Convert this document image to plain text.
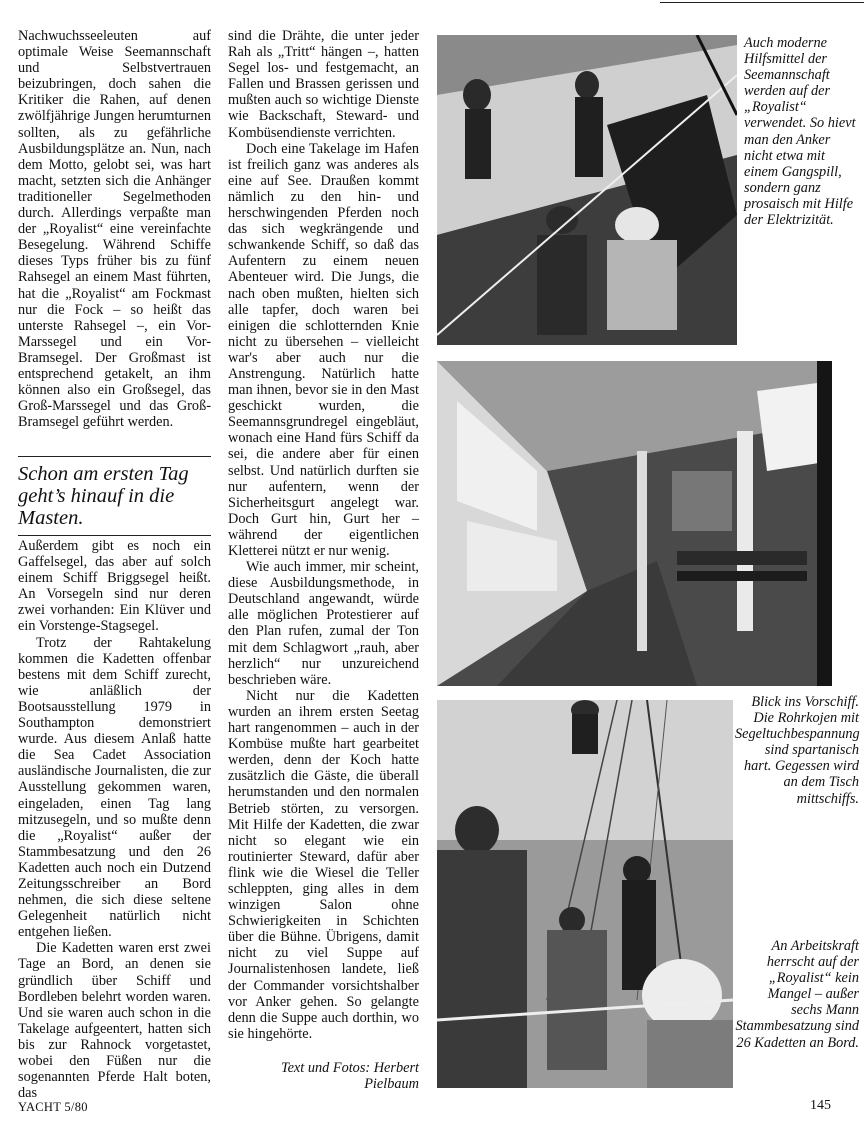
Nachwuchsseeleuten auf optimale Weise Seemannschaft und Selbstvertrauen beizubringen, doch sahen die Kritiker die Rahen, auf denen zwölfjährige Jungen herumturnen sollten, als zu gefährliche Ausbildungsplätze an. Nun, nach dem Motto, gelobt sei, was hart macht, setzten sich die Anhänger traditioneller Segelmethoden durch. Allerdings verpaßte man der „Royalist“ eine vereinfachte Besegelung. Während Schiffe dieses Typs früher bis zu fünf Rahsegel an einem Mast führten, hat die „Royalist“ am Fockmast nur die Fock – so heißt das unterste Rahsegel –, ein Vor-Marssegel und ein Vor-Bramsegel. Der Großmast ist entsprechend getakelt, an ihm können also ein Großsegel, das Groß-Marssegel und das Groß-Bramsegel geführt werden.

Schon am ersten Tag geht’s hinauf in die Masten.

Außerdem gibt es noch ein Gaffelsegel, das aber auf solch einem Schiff Briggsegel heißt. An Vorsegeln sind nur deren zwei vorhanden: Ein Klüver und ein Vorstenge-Stagsegel.

Trotz der Rahtakelung kommen die Kadetten offenbar bestens mit dem Schiff zurecht, wie anläßlich der Bootsausstellung 1979 in Southampton demonstriert wurde. Aus diesem Anlaß hatte die Sea Cadet Association ausländische Journalisten, die zur Ausstellung gekommen waren, eingeladen, einen Tag lang mitzusegeln, und so mußte denn die „Royalist“ außer der Stammbesatzung und den 26 Kadetten auch noch ein Dutzend Zeitungsschreiber an Bord nehmen, die sich diese seltene Gelegenheit natürlich nicht entgehen ließen.

Die Kadetten waren erst zwei Tage an Bord, an denen sie gründlich über Schiff und Bordleben belehrt worden waren. Und sie waren auch schon in die Takelage aufgeentert, hatten sich bis zur Rahnock vorgetastet, wobei den Füßen nur die sogenannten Pferde Halt boten, das

sind die Drähte, die unter jeder Rah als „Tritt“ hängen –, hatten Segel los- und festgemacht, an Fallen und Brassen gerissen und mußten auch so wichtige Dienste wie Backschaft, Steward- und Kombüsendienste verrichten.

Doch eine Takelage im Hafen ist freilich ganz was anderes als eine auf See. Draußen kommt nämlich zu den hin- und herschwingenden Pferden noch das sich wegkrängende und schwankende Schiff, so daß das Aufentern zu einem neuen Abenteuer wird. Die Jungs, die nach oben mußten, hielten sich alle tapfer, doch waren bei einigen die schlotternden Knie nicht zu übersehen – vielleicht war's aber auch nur die Anstrengung. Natürlich hatte man ihnen, bevor sie in den Mast geschickt wurden, die Seemannsgrundregel eingebläut, wonach eine Hand fürs Schiff da sei, die andere aber für einen selbst. Und natürlich durften sie nur aufentern, wenn der Sicherheitsgurt angelegt war. Doch Gurt hin, Gurt her – während der eigentlichen Kletterei nützt er nur wenig.

Wie auch immer, mir scheint, diese Ausbildungsmethode, in Deutschland angewandt, würde alle möglichen Protestierer auf den Plan rufen, zumal der Ton mit dem Schlagwort „rauh, aber herzlich“ nur unzureichend beschrieben wäre.

Nicht nur die Kadetten wurden an ihrem ersten Seetag hart rangenommen – auch in der Kombüse mußte hart gearbeitet werden, denn der Koch hatte zusätzlich die Gäste, die überall herumstanden und den normalen Betrieb störten, zu versorgen. Mit Hilfe der Kadetten, die zwar nicht so elegant wie ein routinierter Steward, dafür aber flink wie die Wiesel die Teller schleppten, ging alles in dem winzigen Salon ohne Schwierigkeiten in Schichten über die Bühne. Übrigens, damit nicht zu viel Suppe auf Journalistenhosen landete, ließ der Commander vorsichtshalber vor Anker gehen. So gelangte denn die Suppe auch dorthin, wo sie hingehörte.

Text und Fotos: Herbert Pielbaum
Auch moderne Hilfsmittel der Seemannschaft werden auf der „Royalist“ verwendet. So hievt man den Anker nicht etwa mit einem Gangspill, sondern ganz prosaisch mit Hilfe der Elektrizität.
Blick ins Vorschiff. Die Rohrkojen mit Segeltuchbespannung sind spartanisch hart. Gegessen wird an dem Tisch mittschiffs.
An Arbeitskraft herrscht auf der „Royalist“ kein Mangel – außer sechs Mann Stammbesatzung sind 26 Kadetten an Bord.
YACHT 5/80	145
